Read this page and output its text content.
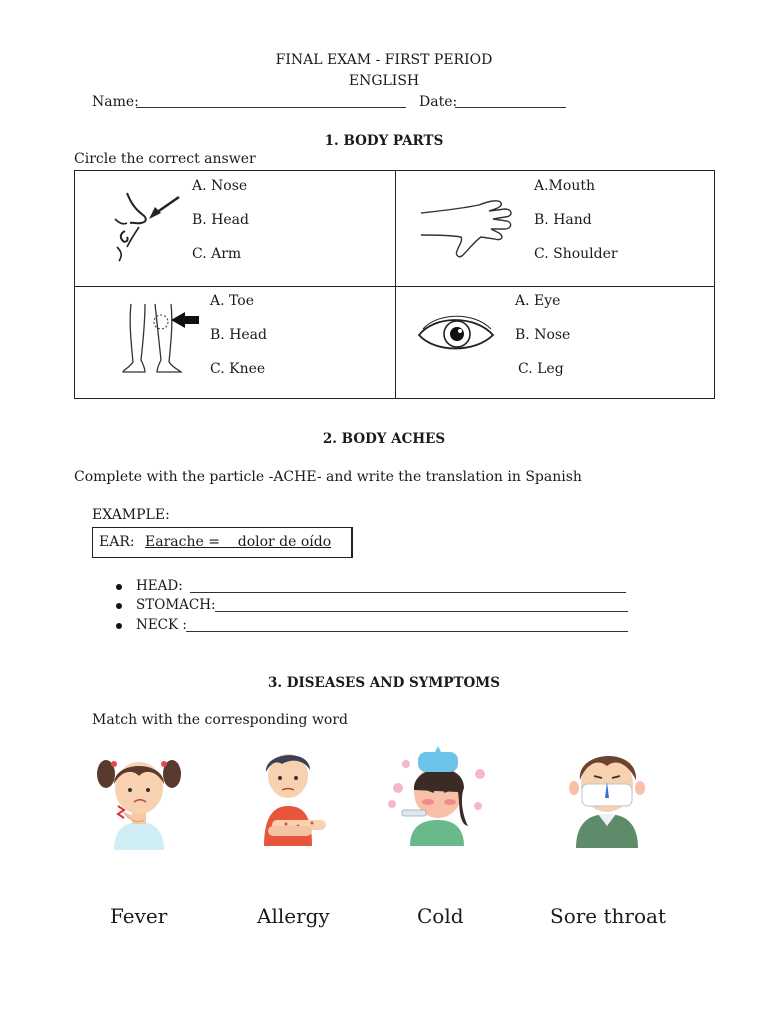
FINAL EXAM - FIRST PERIOD
ENGLISH
Name:	Date:
1. BODY PARTS
Circle the correct answer
A. Nose
B. Head
C. Arm
A.Mouth
B. Hand
C. Shoulder
A. Toe
B. Head
C. Knee
A. Eye
B. Nose
C. Leg
2. BODY ACHES
Complete with the particle -ACHE- and write the translation in Spanish
EXAMPLE:
EAR: Earache =    dolor de oído
HEAD:
STOMACH:
NECK :
3. DISEASES AND SYMPTOMS
Match with the corresponding word
Fever	Allergy	Cold	Sore throat
